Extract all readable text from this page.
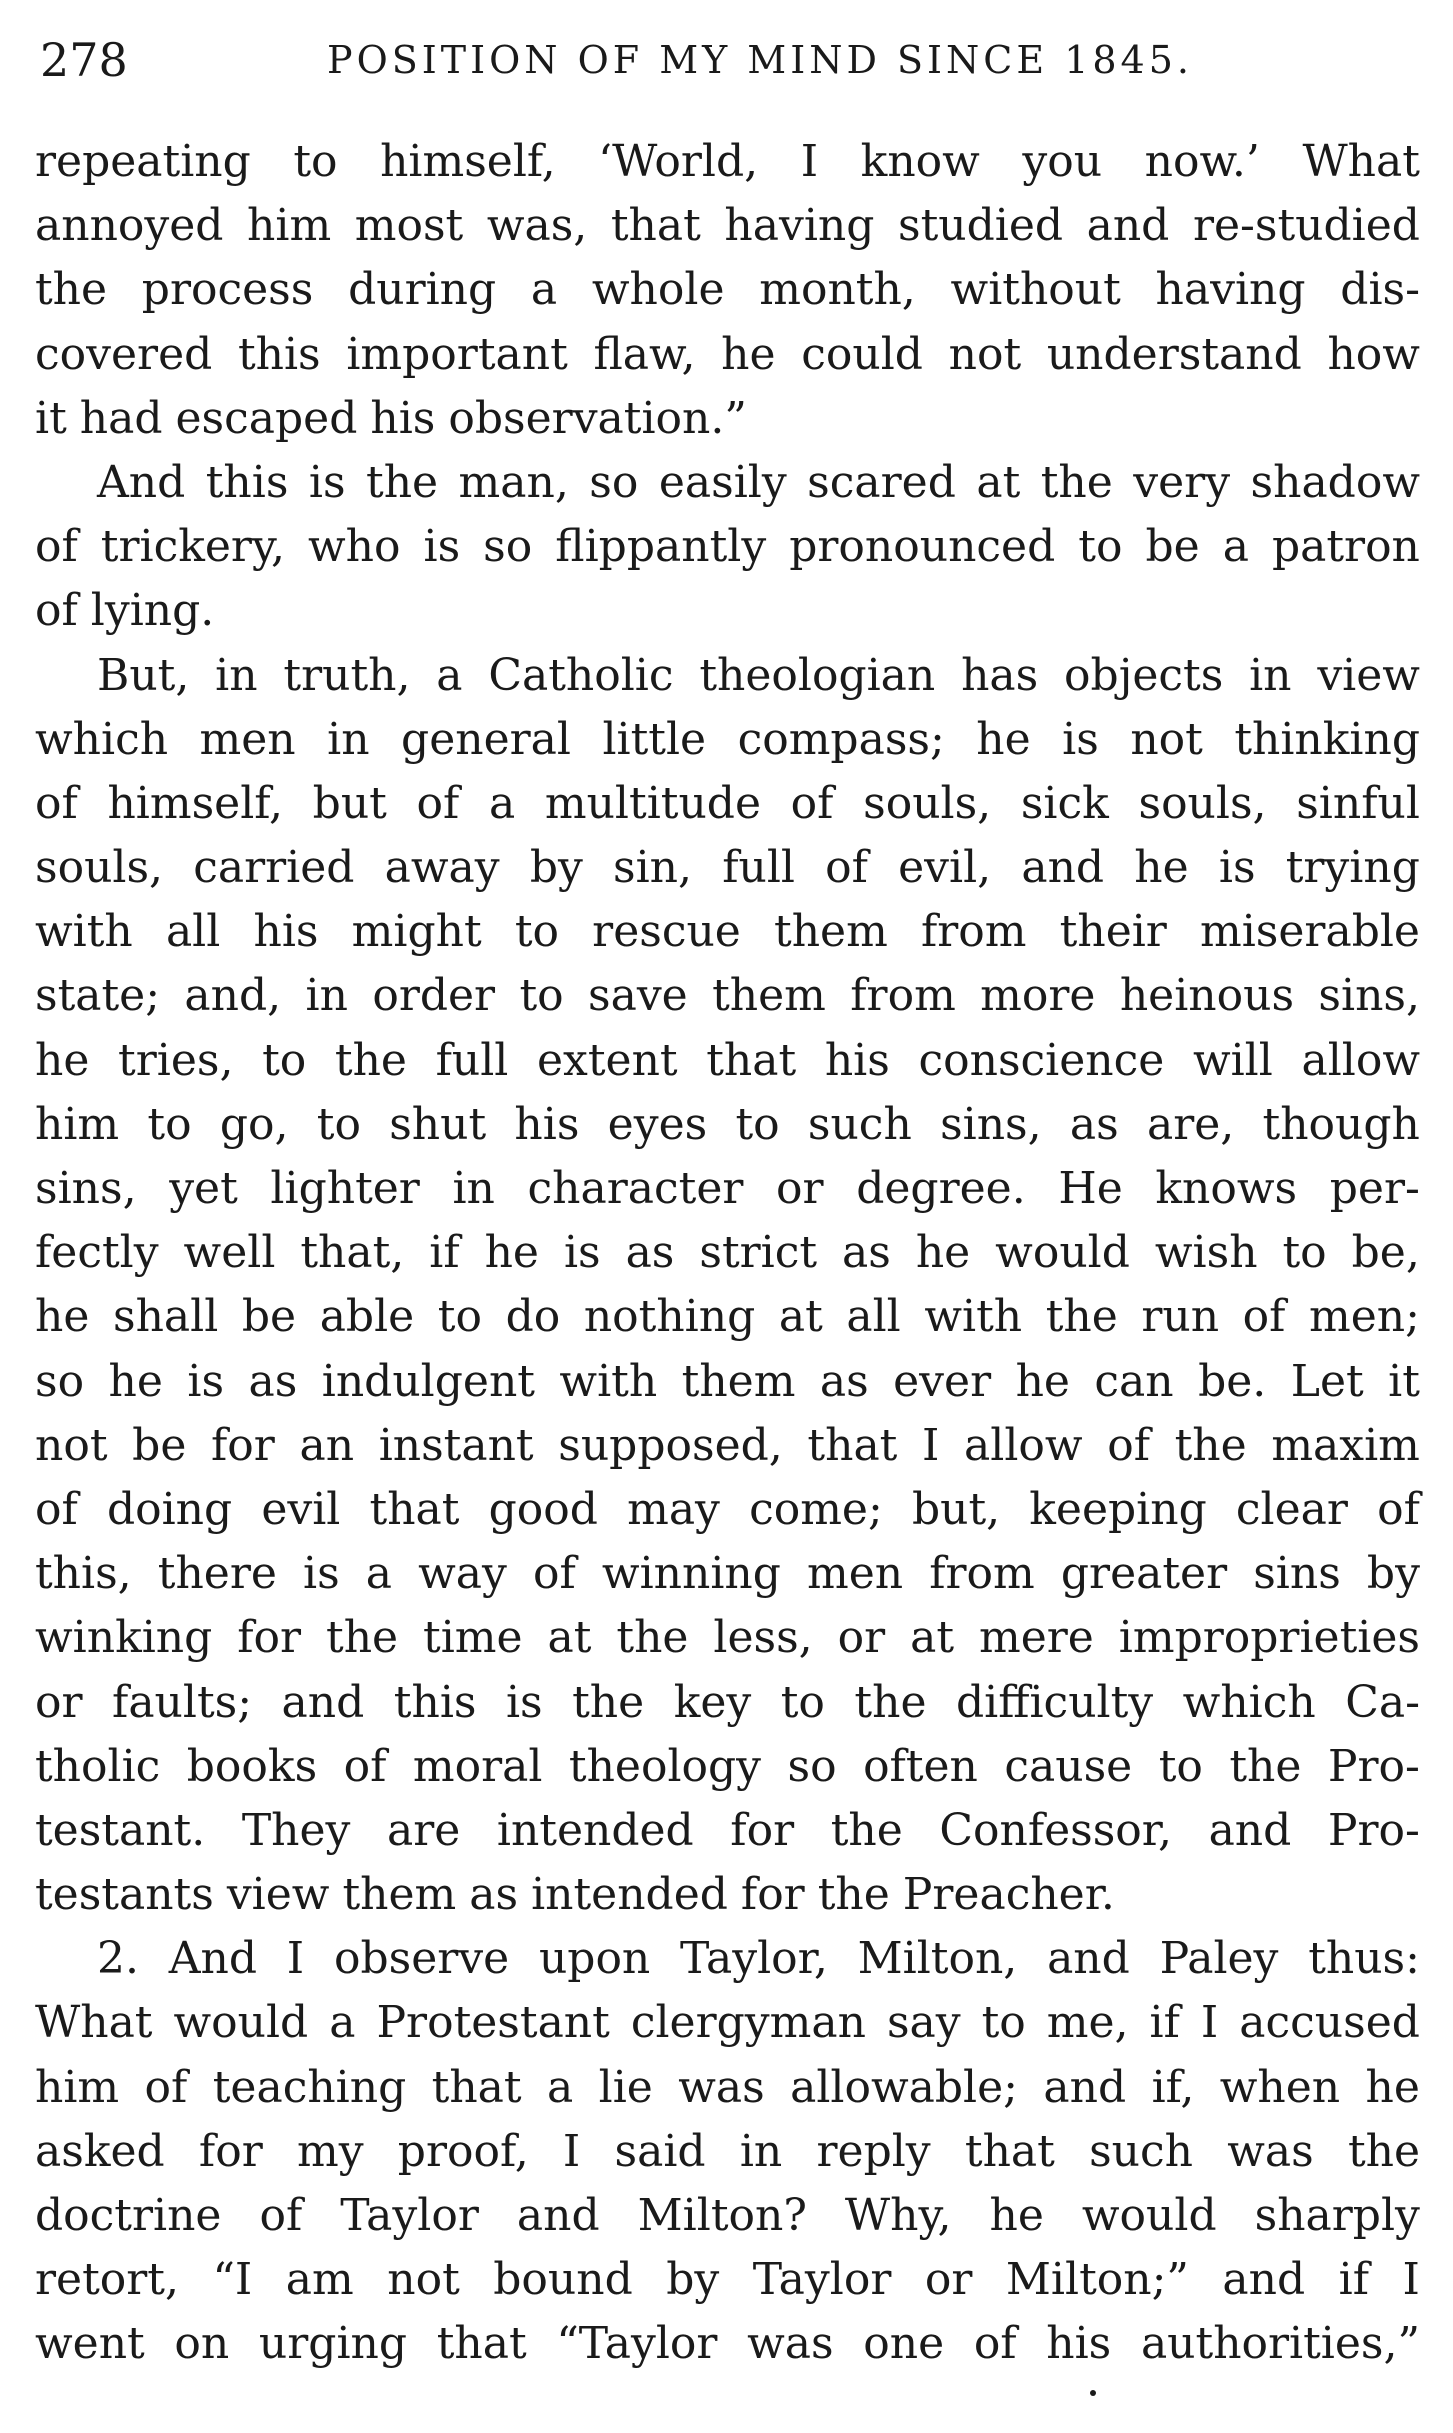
278	POSITION OF MY MIND SINCE 1845.
repeating to himself, ‘World, I know you now.’ What
annoyed him most was, that having studied and re-studied
the process during a whole month, without having dis-
covered this important flaw, he could not understand how
it had escaped his observation.”
And this is the man, so easily scared at the very shadow
of trickery, who is so flippantly pronounced to be a patron
of lying.
But, in truth, a Catholic theologian has objects in view
which men in general little compass; he is not thinking
of himself, but of a multitude of souls, sick souls, sinful
souls, carried away by sin, full of evil, and he is trying
with all his might to rescue them from their miserable
state; and, in order to save them from more heinous sins,
he tries, to the full extent that his conscience will allow
him to go, to shut his eyes to such sins, as are, though
sins, yet lighter in character or degree. He knows per-
fectly well that, if he is as strict as he would wish to be,
he shall be able to do nothing at all with the run of men;
so he is as indulgent with them as ever he can be. Let it
not be for an instant supposed, that I allow of the maxim
of doing evil that good may come; but, keeping clear of
this, there is a way of winning men from greater sins by
winking for the time at the less, or at mere improprieties
or faults; and this is the key to the difficulty which Ca-
tholic books of moral theology so often cause to the Pro-
testant. They are intended for the Confessor, and Pro-
testants view them as intended for the Preacher.
2. And I observe upon Taylor, Milton, and Paley thus:
What would a Protestant clergyman say to me, if I accused
him of teaching that a lie was allowable; and if, when he
asked for my proof, I said in reply that such was the
doctrine of Taylor and Milton? Why, he would sharply
retort, “I am not bound by Taylor or Milton;” and if I
went on urging that “Taylor was one of his authorities,”
